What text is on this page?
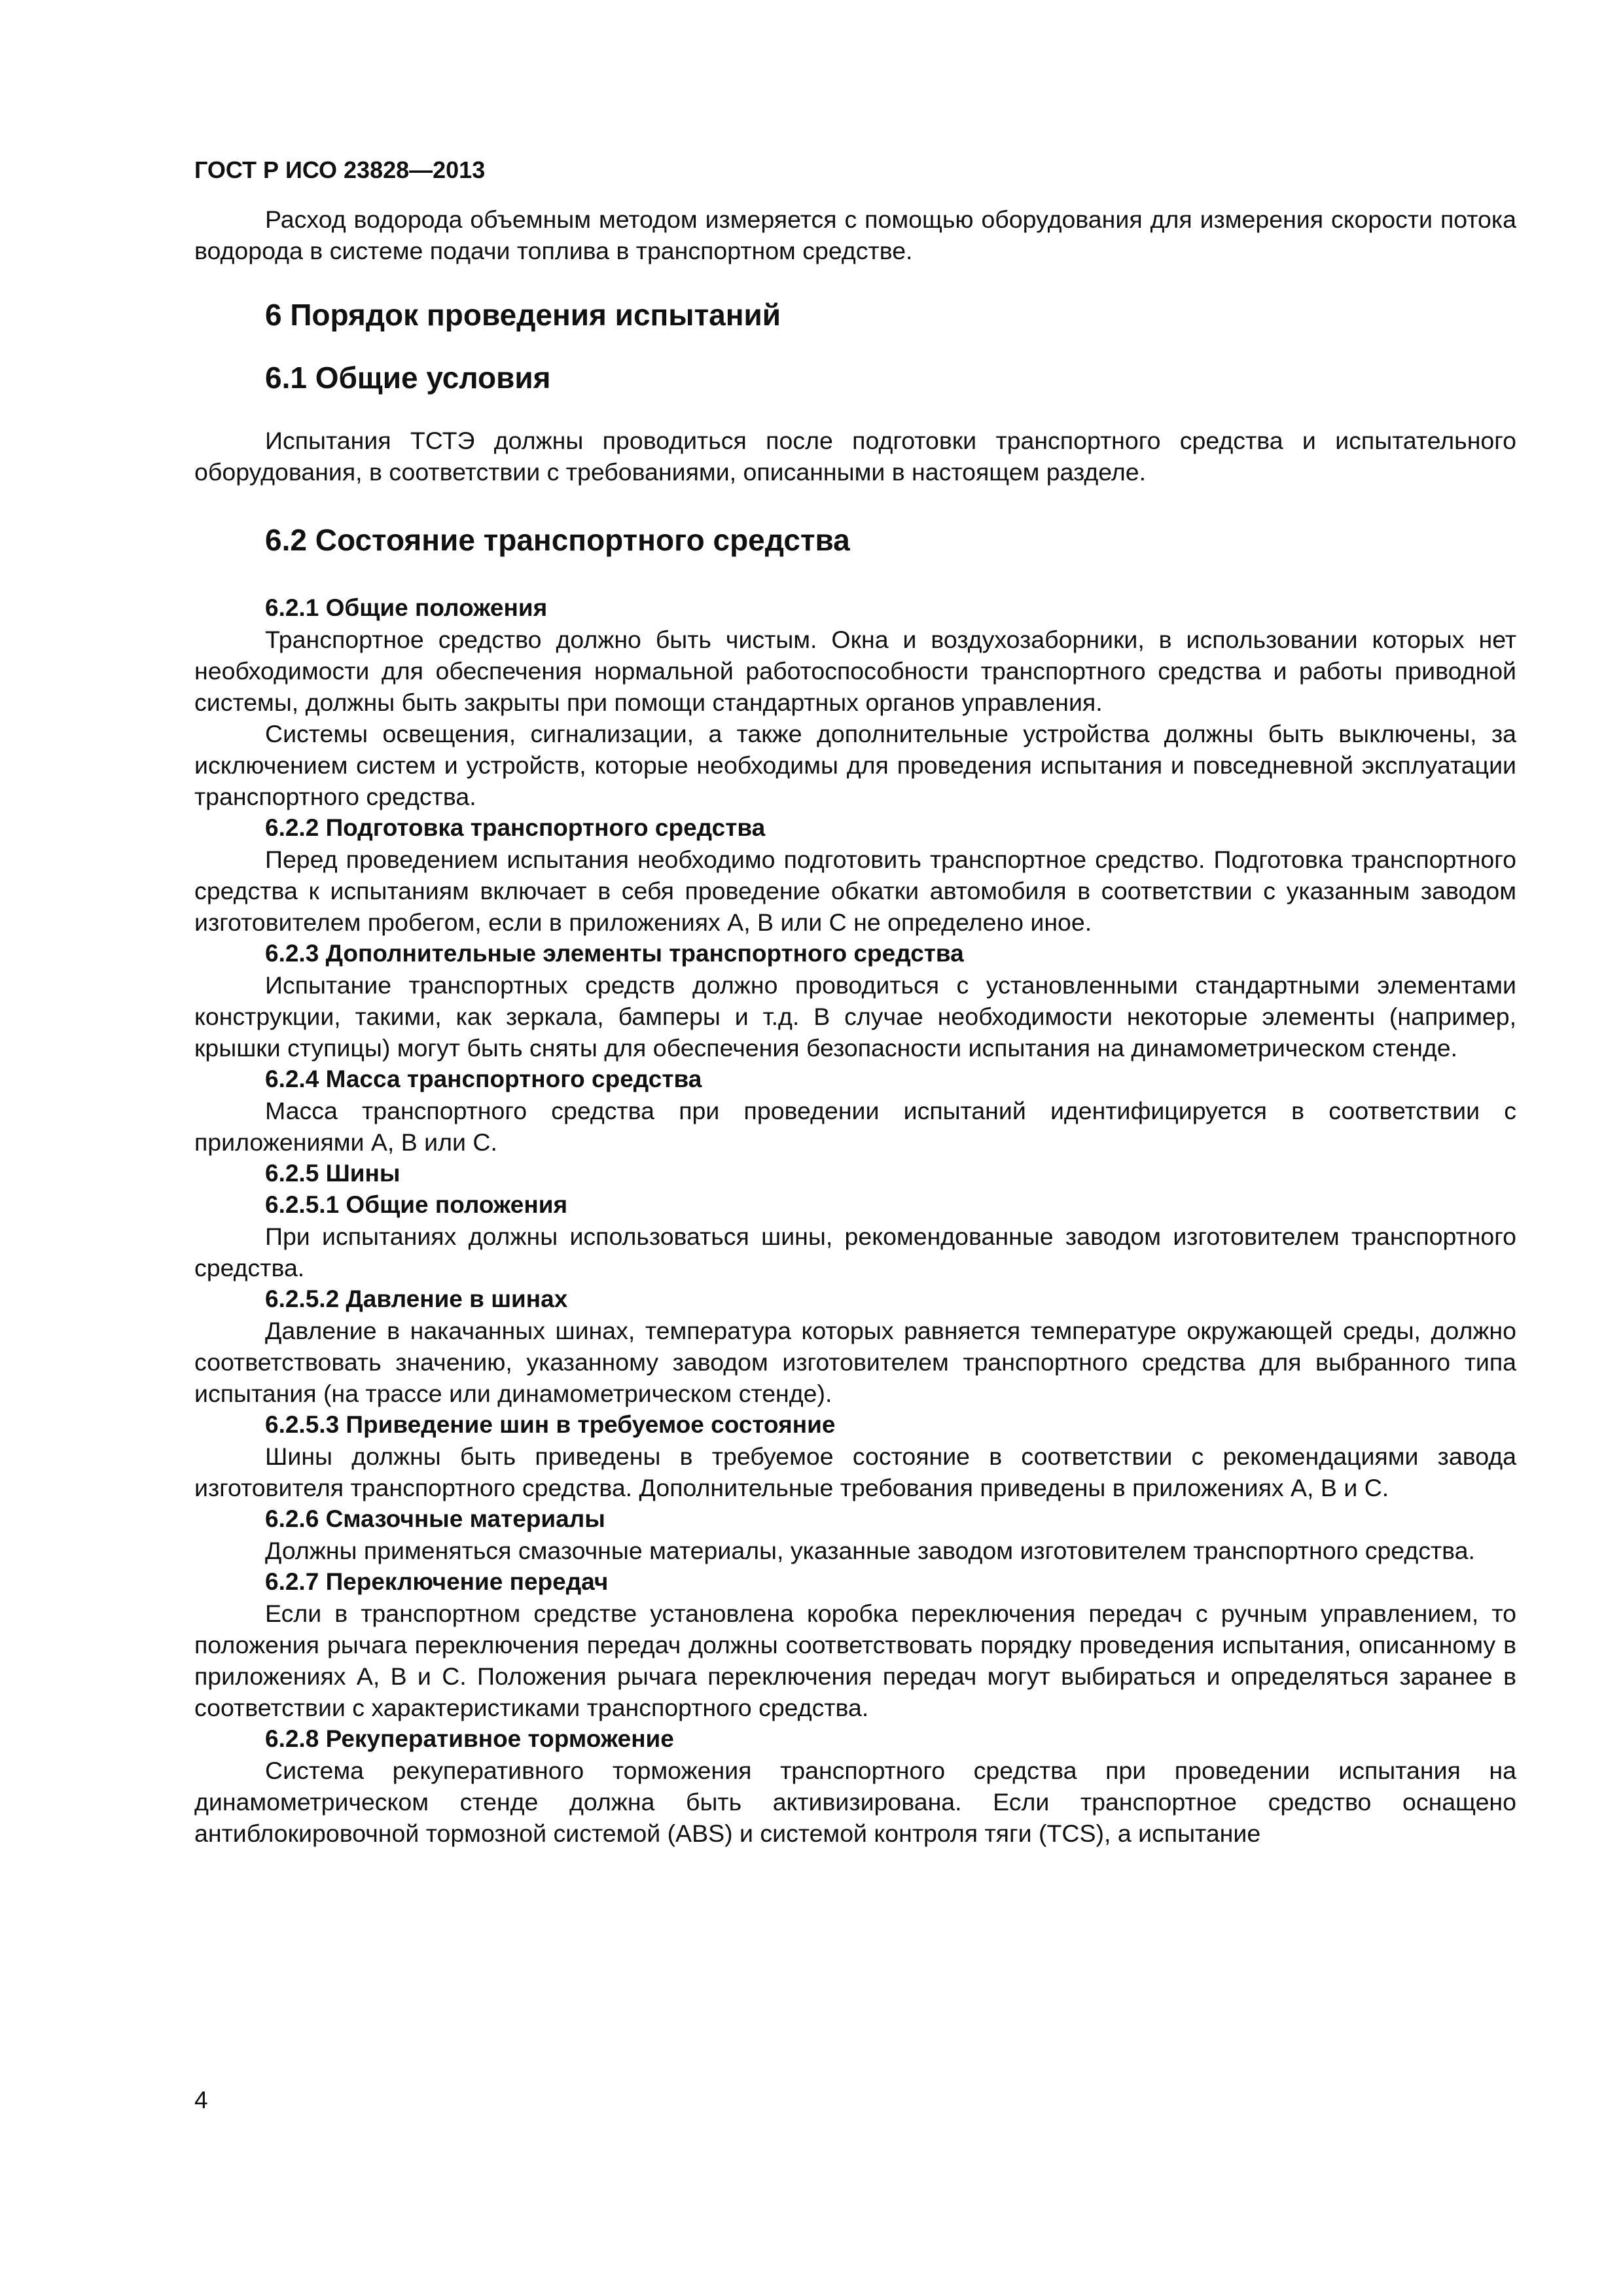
ГОСТ Р ИСО 23828—2013

Расход водорода объемным методом измеряется с помощью оборудования для измерения скорости потока водорода в системе подачи топлива в транспортном средстве.

6 Порядок проведения испытаний
6.1 Общие условия

Испытания ТСТЭ должны проводиться после подготовки транспортного средства и испытательного оборудования, в соответствии с требованиями, описанными в настоящем разделе.

6.2 Состояние транспортного средства
6.2.1 Общие положения

Транспортное средство должно быть чистым. Окна и воздухозаборники, в использовании которых нет необходимости для обеспечения нормальной работоспособности транспортного средства и работы приводной системы, должны быть закрыты при помощи стандартных органов управления.

Системы освещения, сигнализации, а также дополнительные устройства должны быть выключены, за исключением систем и устройств, которые необходимы для проведения испытания и повседневной эксплуатации транспортного средства.

6.2.2 Подготовка транспортного средства

Перед проведением испытания необходимо подготовить транспортное средство. Подготовка транспортного средства к испытаниям включает в себя проведение обкатки автомобиля в соответствии с указанным заводом изготовителем пробегом, если в приложениях А, В или С не определено иное.

6.2.3 Дополнительные элементы транспортного средства

Испытание транспортных средств должно проводиться с установленными стандартными элементами конструкции, такими, как зеркала, бамперы и т.д. В случае необходимости некоторые элементы (например, крышки ступицы) могут быть сняты для обеспечения безопасности испытания на динамометрическом стенде.

6.2.4 Масса транспортного средства

Масса транспортного средства при проведении испытаний идентифицируется в соответствии с приложениями А, В или С.

6.2.5 Шины
6.2.5.1 Общие положения

При испытаниях должны использоваться шины, рекомендованные заводом изготовителем транспортного средства.

6.2.5.2 Давление в шинах

Давление в накачанных шинах, температура которых равняется температуре окружающей среды, должно соответствовать значению, указанному заводом изготовителем транспортного средства для выбранного типа испытания (на трассе или динамометрическом стенде).

6.2.5.3 Приведение шин в требуемое состояние

Шины должны быть приведены в требуемое состояние в соответствии с рекомендациями завода изготовителя транспортного средства. Дополнительные требования приведены в приложениях А, В и С.

6.2.6 Смазочные материалы

Должны применяться смазочные материалы, указанные заводом изготовителем транспортного средства.

6.2.7 Переключение передач

Если в транспортном средстве установлена коробка переключения передач с ручным управлением, то положения рычага переключения передач должны соответствовать порядку проведения испытания, описанному в приложениях А, В и С. Положения рычага переключения передач могут выбираться и определяться заранее в соответствии с характеристиками транспортного средства.

6.2.8 Рекуперативное торможение

Система рекуперативного торможения транспортного средства при проведении испытания на динамометрическом стенде должна быть активизирована. Если транспортное средство оснащено антиблокировочной тормозной системой (ABS) и системой контроля тяги (TCS), а испытание

4
